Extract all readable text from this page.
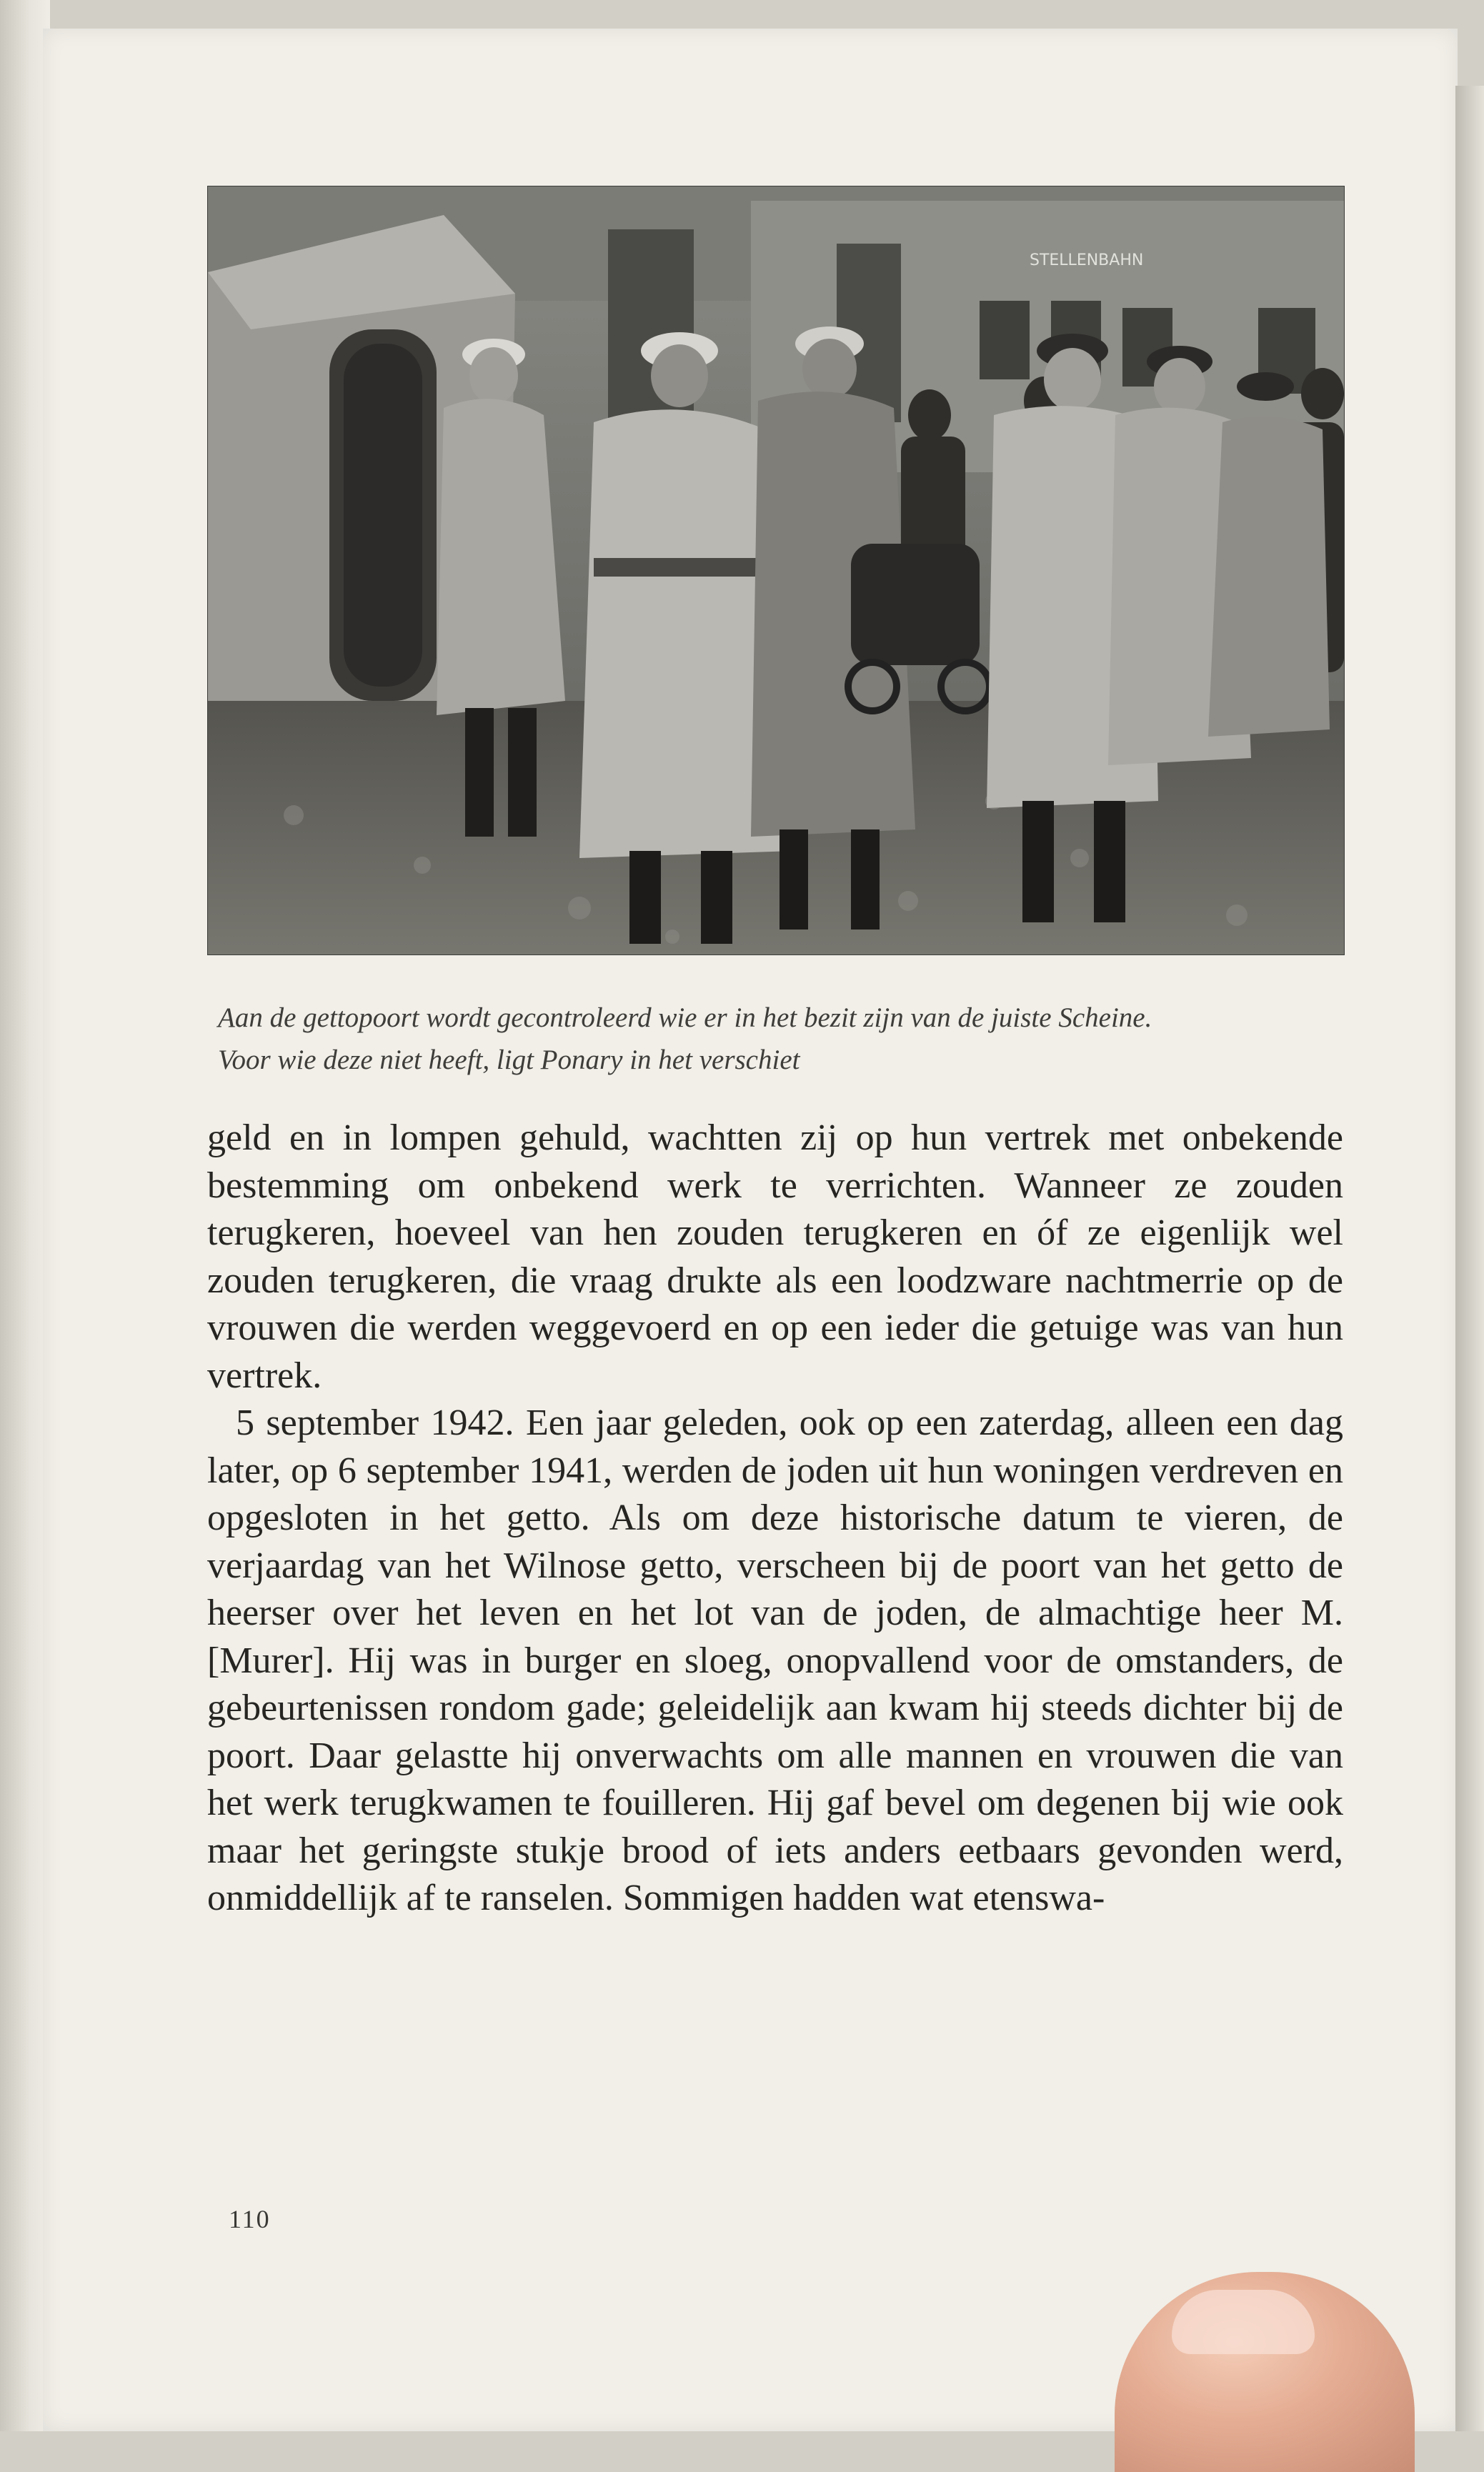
STELLENBAHN
Aan de gettopoort wordt gecontroleerd wie er in het bezit zijn van de juiste Scheine.
Voor wie deze niet heeft, ligt Ponary in het verschiet

geld en in lompen gehuld, wachtten zij op hun vertrek met onbekende bestemming om onbekend werk te verrichten. Wanneer ze zouden terugkeren, hoeveel van hen zouden terugkeren en óf ze eigenlijk wel zouden terugkeren, die vraag drukte als een loodzware nachtmerrie op de vrouwen die werden weggevoerd en op een ieder die getuige was van hun vertrek.

5 september 1942. Een jaar geleden, ook op een zaterdag, alleen een dag later, op 6 september 1941, werden de joden uit hun woningen verdreven en opgesloten in het getto. Als om deze historische datum te vieren, de verjaardag van het Wilnose getto, verscheen bij de poort van het getto de heerser over het leven en het lot van de joden, de almachtige heer M. [Murer]. Hij was in burger en sloeg, onopvallend voor de omstanders, de gebeurtenissen rondom gade; geleidelijk aan kwam hij steeds dichter bij de poort. Daar gelastte hij onverwachts om alle mannen en vrouwen die van het werk terugkwamen te fouilleren. Hij gaf bevel om degenen bij wie ook maar het geringste stukje brood of iets anders eetbaars gevonden werd, onmiddellijk af te ranselen. Sommigen hadden wat etenswa-

110
